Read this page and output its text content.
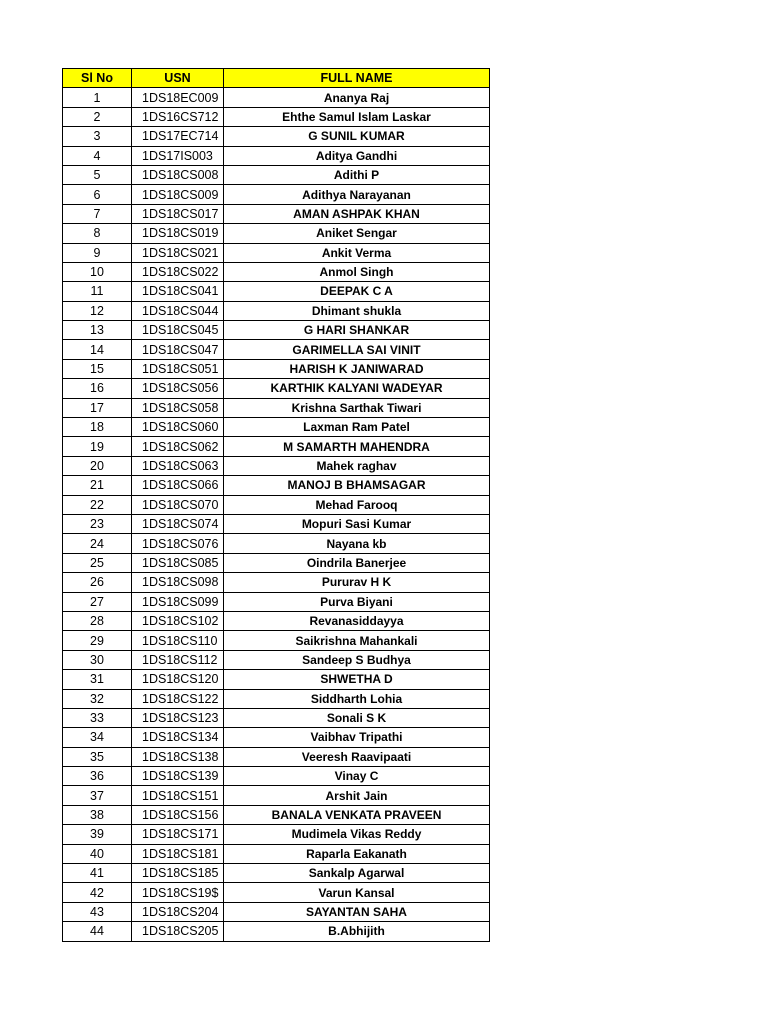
Sl No	USN	FULL NAME
1	1DS18EC009	Ananya Raj
2	1DS16CS712	Ehthe Samul Islam Laskar
3	1DS17EC714	G SUNIL KUMAR
4	1DS17IS003	Aditya Gandhi
5	1DS18CS008	Adithi P
6	1DS18CS009	Adithya Narayanan
7	1DS18CS017	AMAN ASHPAK KHAN
8	1DS18CS019	Aniket Sengar
9	1DS18CS021	Ankit Verma
10	1DS18CS022	Anmol Singh
11	1DS18CS041	DEEPAK C A
12	1DS18CS044	Dhimant shukla
13	1DS18CS045	G HARI SHANKAR
14	1DS18CS047	GARIMELLA SAI VINIT
15	1DS18CS051	HARISH K JANIWARAD
16	1DS18CS056	KARTHIK KALYANI WADEYAR
17	1DS18CS058	Krishna Sarthak Tiwari
18	1DS18CS060	Laxman Ram Patel
19	1DS18CS062	M SAMARTH MAHENDRA
20	1DS18CS063	Mahek raghav
21	1DS18CS066	MANOJ B BHAMSAGAR
22	1DS18CS070	Mehad Farooq
23	1DS18CS074	Mopuri Sasi Kumar
24	1DS18CS076	Nayana kb
25	1DS18CS085	Oindrila Banerjee
26	1DS18CS098	Pururav H K
27	1DS18CS099	Purva Biyani
28	1DS18CS102	Revanasiddayya
29	1DS18CS110	Saikrishna Mahankali
30	1DS18CS112	Sandeep S Budhya
31	1DS18CS120	SHWETHA D
32	1DS18CS122	Siddharth Lohia
33	1DS18CS123	Sonali S K
34	1DS18CS134	Vaibhav Tripathi
35	1DS18CS138	Veeresh Raavipaati
36	1DS18CS139	Vinay C
37	1DS18CS151	Arshit Jain
38	1DS18CS156	BANALA VENKATA PRAVEEN
39	1DS18CS171	Mudimela Vikas Reddy
40	1DS18CS181	Raparla Eakanath
41	1DS18CS185	Sankalp Agarwal
42	1DS18CS19$	Varun Kansal
43	1DS18CS204	SAYANTAN SAHA
44	1DS18CS205	B.Abhijith
